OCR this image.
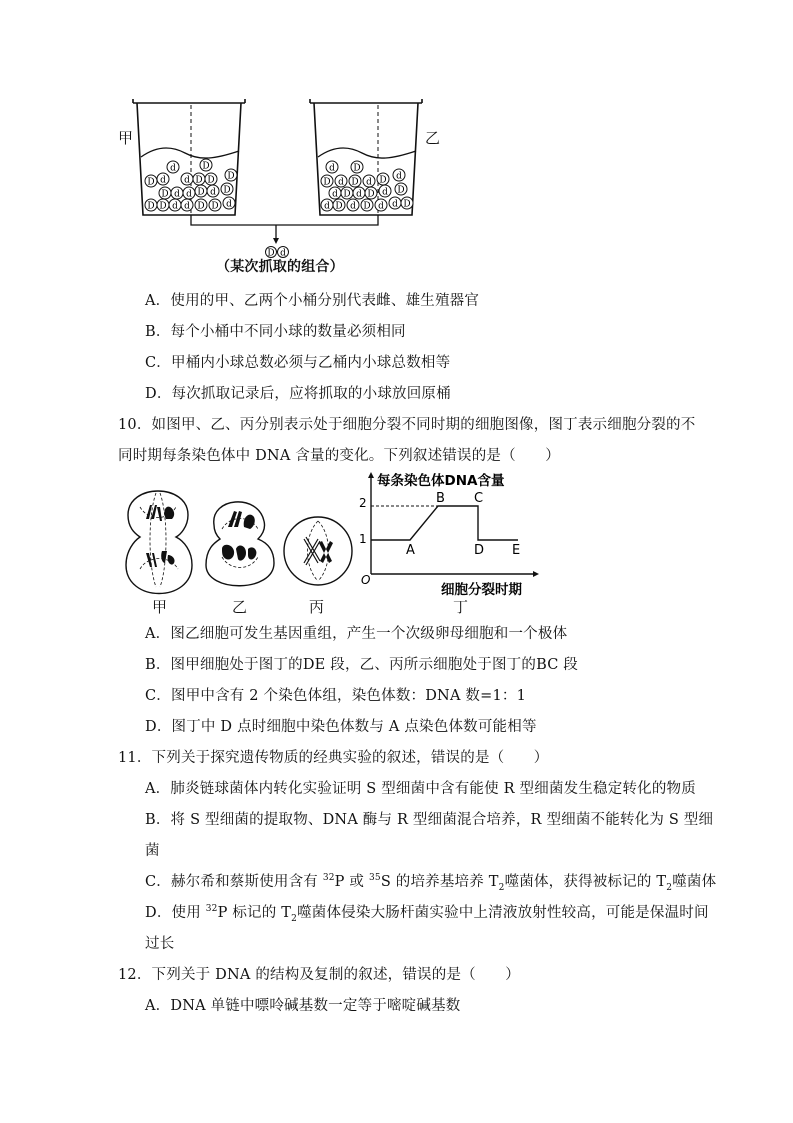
d	D
D d d D D D
D d d D d D
D D d d D D d
d D
D d D d D d
d D d D d D
d D d D d d D
D d
甲	乙
（某次抓取的组合）
A．使用的甲、乙两个小桶分别代表雌、雄生殖器官
B．每个小桶中不同小球的数量必须相同
C．甲桶内小球总数必须与乙桶内小球总数相等
D．每次抓取记录后，应将抓取的小球放回原桶
10．如图甲、乙、丙分别表示处于细胞分裂不同时期的细胞图像，图丁表示细胞分裂的不
同时期每条染色体中 DNA 含量的变化。下列叙述错误的是（　　）
甲	乙	丙
每条染色体DNA含量
细胞分裂时期
O
2
1
A
B C
D E
丁
A．图乙细胞可发生基因重组，产生一个次级卵母细胞和一个极体
B．图甲细胞处于图丁的DE 段，乙、丙所示细胞处于图丁的BC 段
C．图甲中含有 2 个染色体组，染色体数：DNA 数=1：1
D．图丁中 D 点时细胞中染色体数与 A 点染色体数可能相等
11．下列关于探究遗传物质的经典实验的叙述，错误的是（　　）
A．肺炎链球菌体内转化实验证明 S 型细菌中含有能使 R 型细菌发生稳定转化的物质
B．将 S 型细菌的提取物、DNA 酶与 R 型细菌混合培养，R 型细菌不能转化为 S 型细
菌
C．赫尔希和蔡斯使用含有 $^{32}$P 或 $^{35}$S 的培养基培养 $T_2$噬菌体，获得被标记的 $T_2$噬菌体
D．使用 $^{32}$P 标记的 $T_2$噬菌体侵染大肠杆菌实验中上清液放射性较高，可能是保温时间
过长
12．下列关于 DNA 的结构及复制的叙述，错误的是（　　）
A．DNA 单链中嘌呤碱基数一定等于嘧啶碱基数
